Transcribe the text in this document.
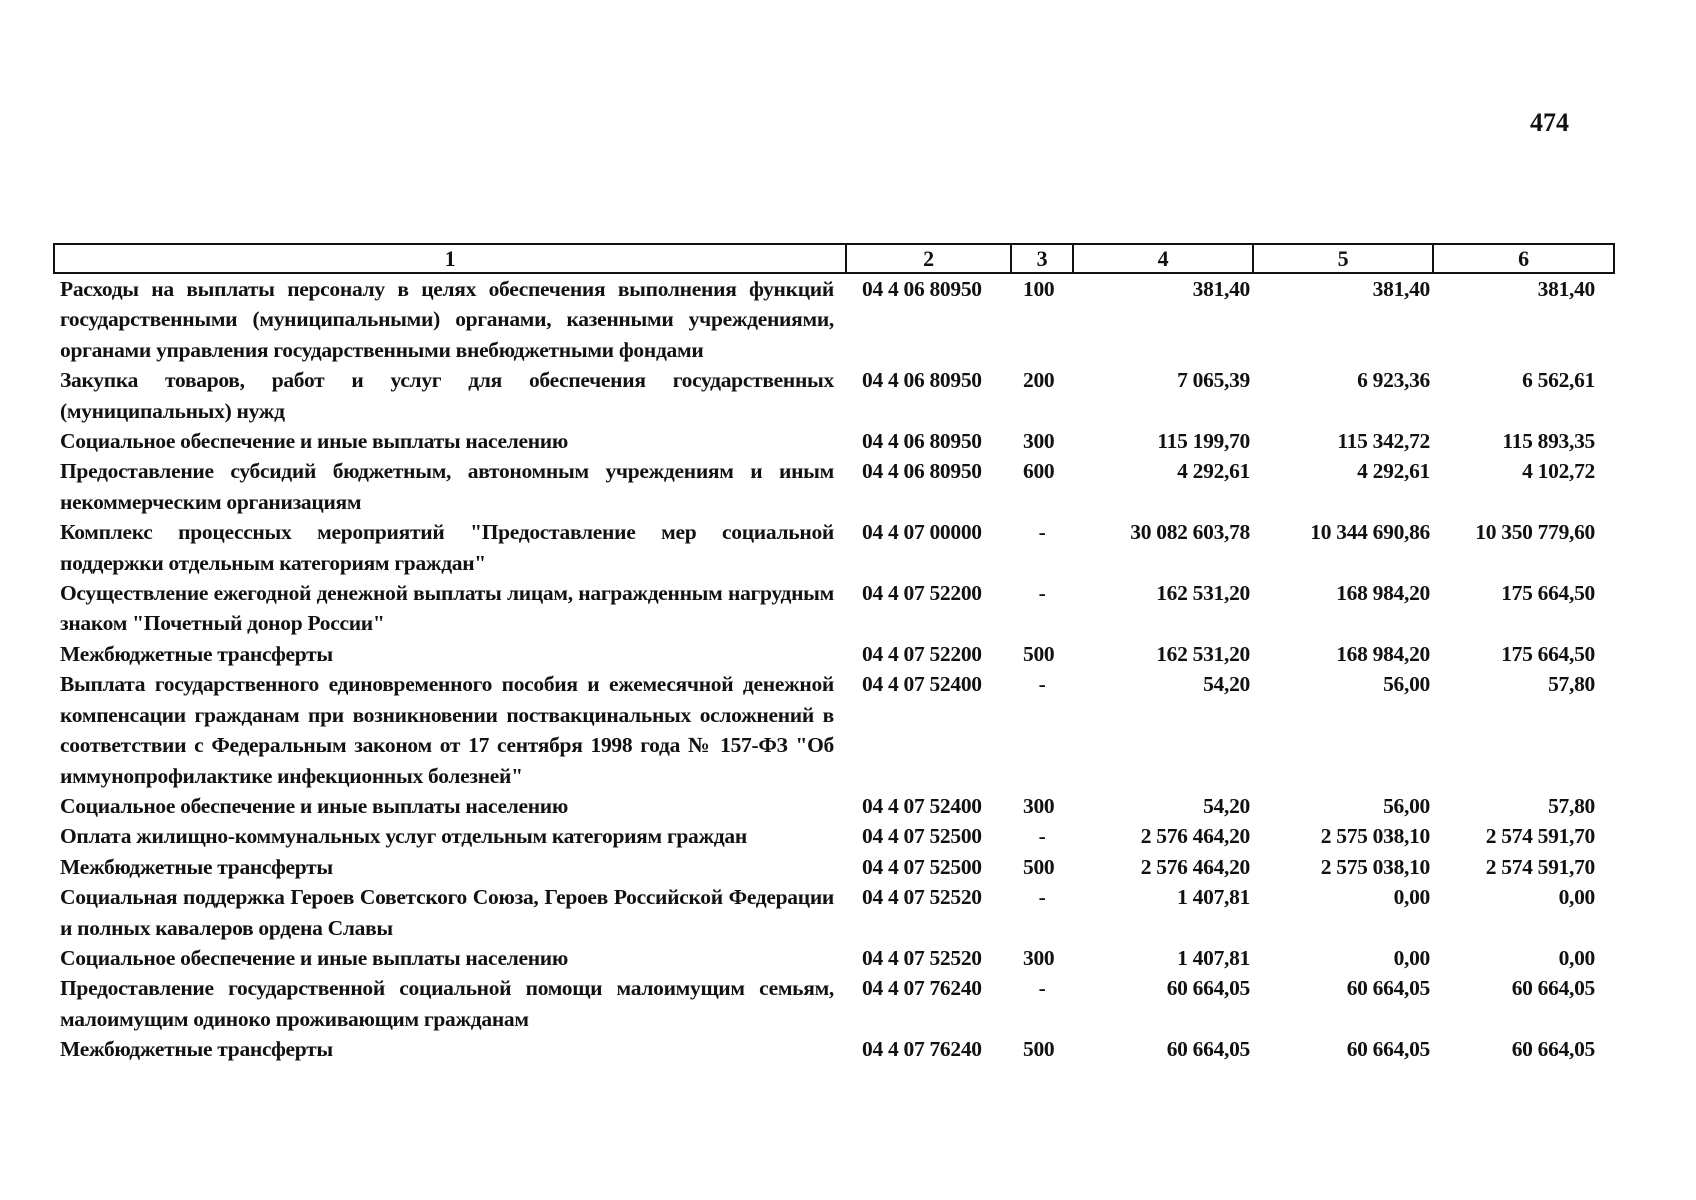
474
1	2	3	4	5	6
Расходы на выплаты персоналу в целях обеспечения выполнения функций государственными (муниципальными) органами, казенными учреждениями, органами управления государственными внебюджетными фондами	04 4 06 80950	100	381,40	381,40	381,40
Закупка товаров, работ и услуг для обеспечения государственных (муниципальных) нужд	04 4 06 80950	200	7 065,39	6 923,36	6 562,61
Социальное обеспечение и иные выплаты населению	04 4 06 80950	300	115 199,70	115 342,72	115 893,35
Предоставление субсидий бюджетным, автономным учреждениям и иным некоммерческим организациям	04 4 06 80950	600	4 292,61	4 292,61	4 102,72
Комплекс процессных мероприятий "Предоставление мер социальной поддержки отдельным категориям граждан"	04 4 07 00000	-	30 082 603,78	10 344 690,86	10 350 779,60
Осуществление ежегодной денежной выплаты лицам, награжденным нагрудным знаком "Почетный донор России"	04 4 07 52200	-	162 531,20	168 984,20	175 664,50
Межбюджетные трансферты	04 4 07 52200	500	162 531,20	168 984,20	175 664,50
Выплата государственного единовременного пособия и ежемесячной денежной компенсации гражданам при возникновении поствакцинальных осложнений в соответствии с Федеральным законом от 17 сентября 1998 года № 157-ФЗ "Об иммунопрофилактике инфекционных болезней"	04 4 07 52400	-	54,20	56,00	57,80
Социальное обеспечение и иные выплаты населению	04 4 07 52400	300	54,20	56,00	57,80
Оплата жилищно-коммунальных услуг отдельным категориям граждан	04 4 07 52500	-	2 576 464,20	2 575 038,10	2 574 591,70
Межбюджетные трансферты	04 4 07 52500	500	2 576 464,20	2 575 038,10	2 574 591,70
Социальная поддержка Героев Советского Союза, Героев Российской Федерации и полных кавалеров ордена Славы	04 4 07 52520	-	1 407,81	0,00	0,00
Социальное обеспечение и иные выплаты населению	04 4 07 52520	300	1 407,81	0,00	0,00
Предоставление государственной социальной помощи малоимущим семьям, малоимущим одиноко проживающим гражданам	04 4 07 76240	-	60 664,05	60 664,05	60 664,05
Межбюджетные трансферты	04 4 07 76240	500	60 664,05	60 664,05	60 664,05
